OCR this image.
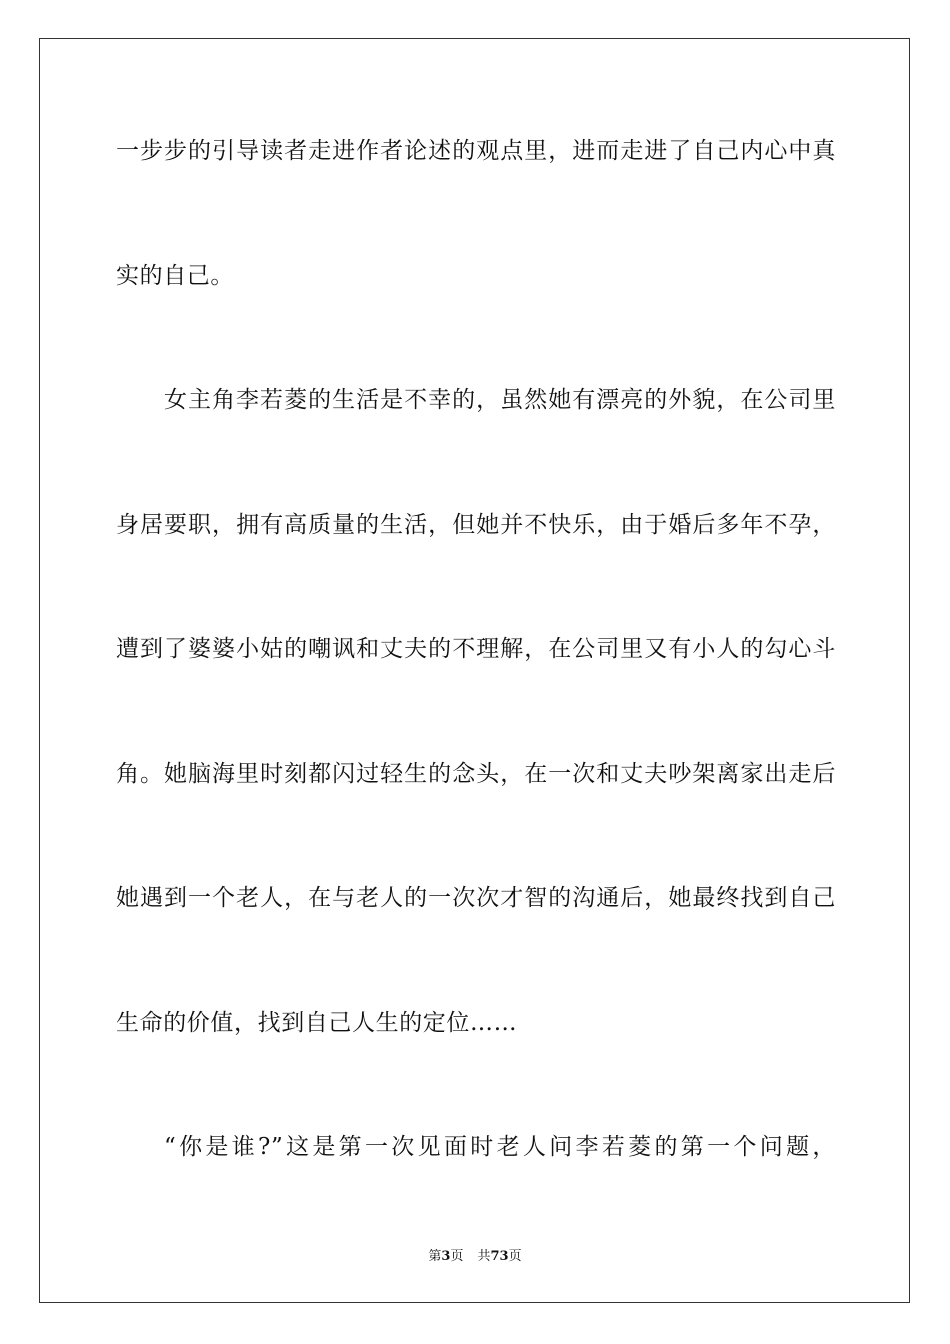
一步步的引导读者走进作者论述的观点里，进而走进了自己内心中真
实的自己。
女主角李若菱的生活是不幸的，虽然她有漂亮的外貌，在公司里
身居要职，拥有高质量的生活，但她并不快乐，由于婚后多年不孕，
遭到了婆婆小姑的嘲讽和丈夫的不理解，在公司里又有小人的勾心斗
角。她脑海里时刻都闪过轻生的念头，在一次和丈夫吵架离家出走后
她遇到一个老人，在与老人的一次次才智的沟通后，她最终找到自己
生命的价值，找到自己人生的定位……
“你是谁?”这是第一次见面时老人问李若菱的第一个问题，
第3页 共73页
